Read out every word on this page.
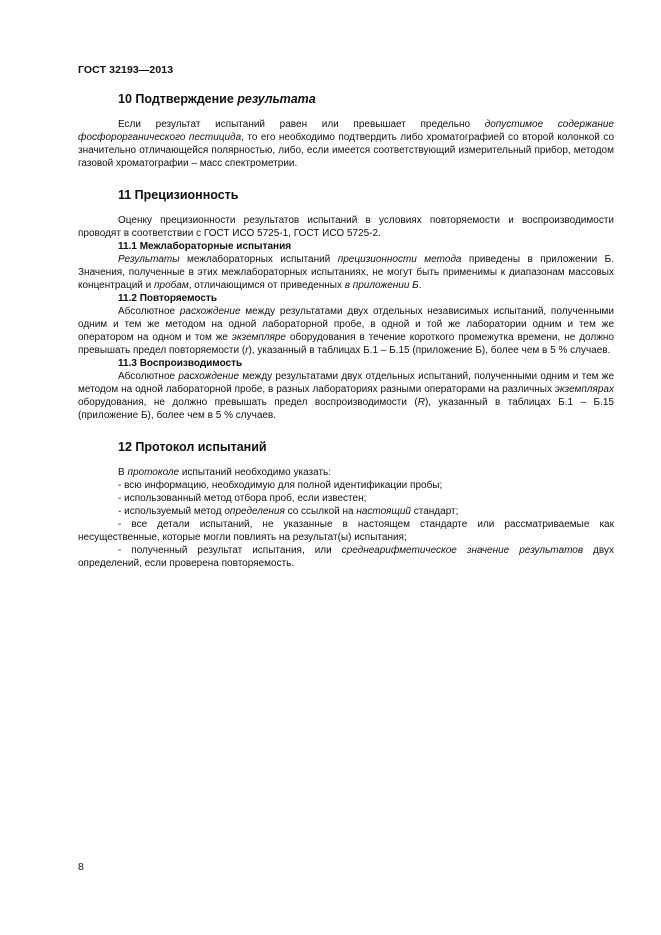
ГОСТ 32193—2013
10 Подтверждение результата

Если результат испытаний равен или превышает предельно допустимое содержание фосфорорганического пестицида, то его необходимо подтвердить либо хроматографией со второй колонкой со значительно отличающейся полярностью, либо, если имеется соответствующий измерительный прибор, методом газовой хроматографии – масс спектрометрии.

11 Прецизионность

Оценку прецизионности результатов испытаний в условиях повторяемости и воспроизводимости проводят в соответствии с ГОСТ ИСО 5725-1, ГОСТ ИСО 5725-2.

11.1 Межлабораторные испытания

Результаты межлабораторных испытаний прецизионности метода приведены в приложении Б. Значения, полученные в этих межлабораторных испытаниях, не могут быть применимы к диапазонам массовых концентраций и пробам, отличающимся от приведенных в приложении Б.

11.2 Повторяемость

Абсолютное расхождение между результатами двух отдельных независимых испытаний, полученными одним и тем же методом на одной лабораторной пробе, в одной и той же лаборатории одним и тем же оператором на одном и том же экземпляре оборудования в течение короткого промежутка времени, не должно превышать предел повторяемости (r), указанный в таблицах Б.1 – Б.15 (приложение Б), более чем в 5 % случаев.

11.3 Воспроизводимость

Абсолютное расхождение между результатами двух отдельных испытаний, полученными одним и тем же методом на одной лабораторной пробе, в разных лабораториях разными операторами на различных экземплярах оборудования, не должно превышать предел воспроизводимости (R), указанный в таблицах Б.1 – Б.15 (приложение Б), более чем в 5 % случаев.

12 Протокол испытаний

В протоколе испытаний необходимо указать:

- всю информацию, необходимую для полной идентификации пробы;

- использованный метод отбора проб, если известен;

- используемый метод определения со ссылкой на настоящий стандарт;

- все детали испытаний, не указанные в настоящем стандарте или рассматриваемые как несущественные, которые могли повлиять на результат(ы) испытания;

- полученный результат испытания, или среднеарифметическое значение результатов двух определений, если проверена повторяемость.

8
